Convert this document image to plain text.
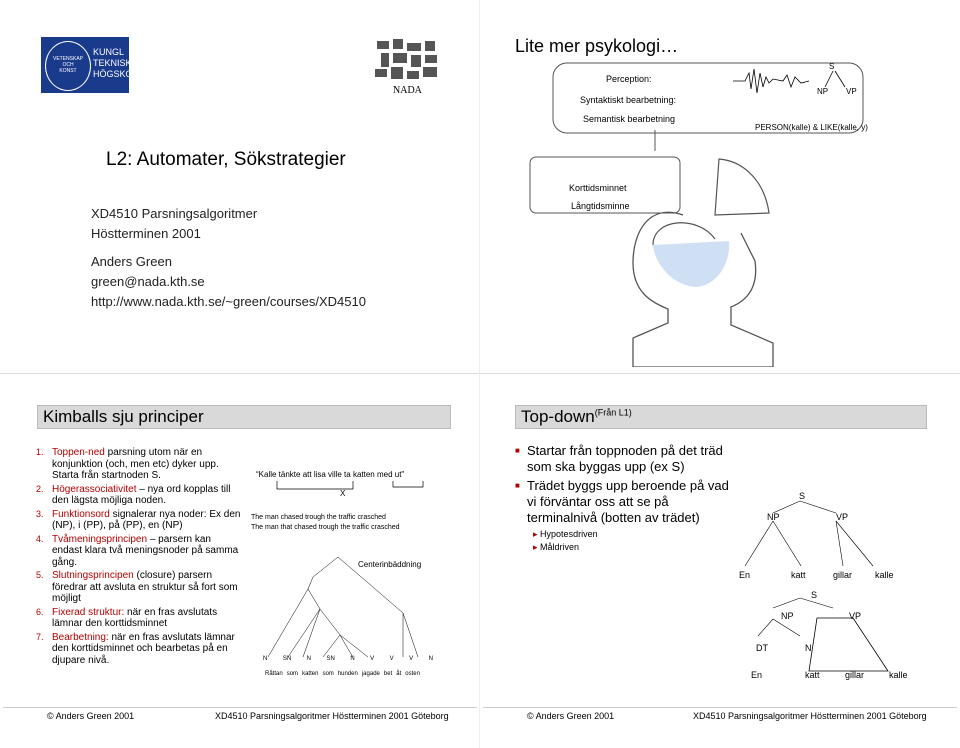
VETENSKAP
OCH
KONST
KUNGL
TEKNISKA
HÖGSKOLAN
NADA
L2: Automater, Sökstrategier
XD4510 Parsningsalgoritmer
Höstterminen 2001
Anders Green
green@nada.kth.se
http://www.nada.kth.se/~green/courses/XD4510
Lite mer psykologi…
Perception:
Syntaktiskt bearbetning:
Semantisk bearbetning
S
NP VP
PERSON(kalle) & LIKE(kalle, y)
Korttidsminnet
Långtidsminne
Kimballs sju principer
1. Toppen-ned parsning utom när en konjunktion (och, men etc) dyker upp. Starta från startnoden S.
2. Högerassociativitet – nya ord kopplas till den lägsta möjliga noden.
3. Funktionsord signalerar nya noder: Ex den (NP), i (PP), på (PP), en (NP)
4. Tvåmeningsprincipen – parsern kan endast klara två meningsnoder på samma gång.
5. Slutningsprincipen (closure) parsern föredrar att avsluta en struktur så fort som möjligt
6. Fixerad struktur: när en fras avslutats lämnar den korttidsminnet
7. Bearbetning: när en fras avslutats lämnar den korttidsminnet och bearbetas på en djupare nivå.
“Kalle tänkte att lisa ville ta katten med ut"
X
The man chased trough the traffic crasched
The man that chased trough the traffic crasched
Centerinbäddning
N	SN	N	SN	N	V	V	V	N
Råttan som katten som hunden jagade bet åt osten
© Anders Green 2001	XD4510 Parsningsalgoritmer Höstterminen 2001 Göteborg
Top-down$^{(Från L1)}$
■ Startar från toppnoden på det träd som ska byggas upp (ex S)
■ Trädet byggs upp beroende på vad vi förväntar oss att se på terminalnivå (botten av trädet)
▸ Hypotesdriven
▸ Måldriven
S
NP	VP
En	katt	gillar	kalle
S
NP	VP
DT	N
En	katt	gillar	kalle
© Anders Green 2001	XD4510 Parsningsalgoritmer Höstterminen 2001 Göteborg
